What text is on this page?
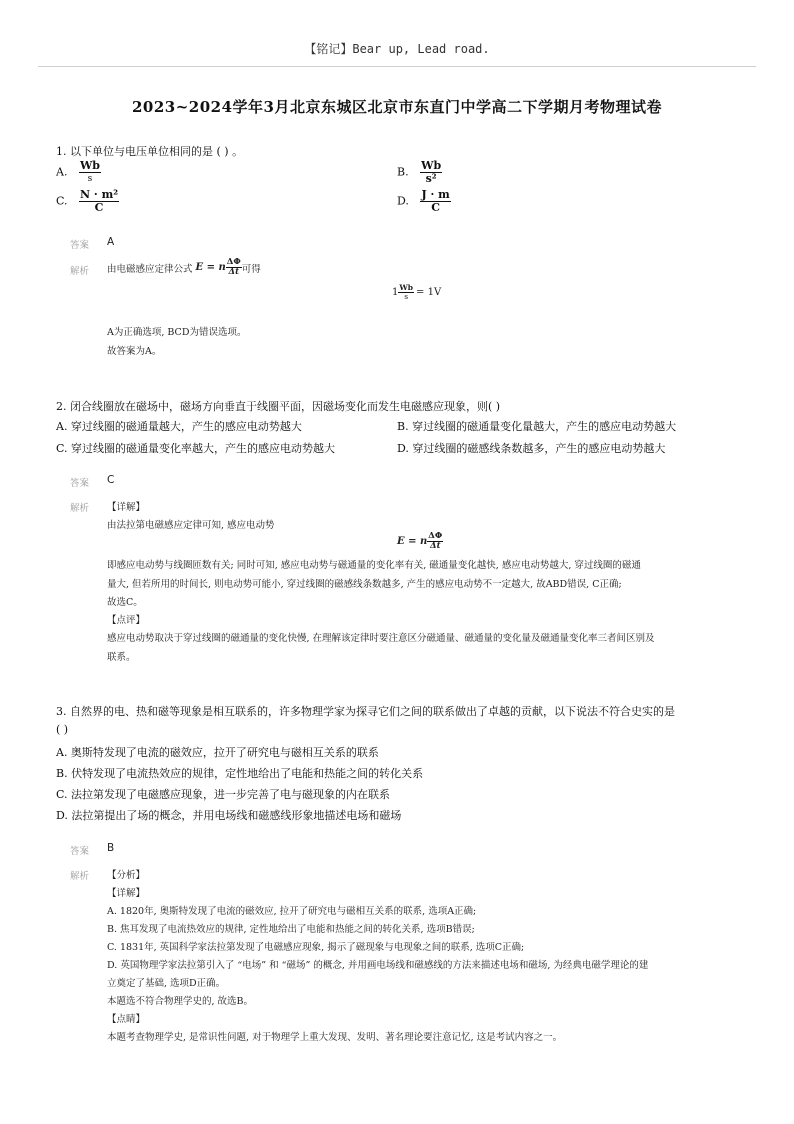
【铭记】Bear up, Lead road.
2023~2024学年3月北京东城区北京市东直门中学高二下学期月考物理试卷
1. 以下单位与电压单位相同的是 ( ) 。
A. $\frac{Wb}{s}$	B. $\frac{Wb}{\text{s²}}$
C. $\frac{\text{N · m²}}{C}$	D. $\frac{J \cdot m}{C}$
答案 A
解析 由电磁感应定律公式 E = n $\frac{\Delta\Phi}{\Delta t}$ 可得
$1 \frac{Wb}{s} = 1V$
A为正确选项, BCD为错误选项。
故答案为A。
2. 闭合线圈放在磁场中，磁场方向垂直于线圈平面，因磁场变化而发生电磁感应现象，则( )
A. 穿过线圈的磁通量越大，产生的感应电动势越大	B. 穿过线圈的磁通量变化量越大，产生的感应电动势越大
C. 穿过线圈的磁通量变化率越大，产生的感应电动势越大	D. 穿过线圈的磁感线条数越多，产生的感应电动势越大
答案 C
解析 【详解】
由法拉第电磁感应定律可知, 感应电动势
E = n $\frac{\Delta\Phi}{\Delta t}$
即感应电动势与线圈匝数有关; 同时可知, 感应电动势与磁通量的变化率有关, 磁通量变化越快, 感应电动势越大, 穿过线圈的磁通
量大, 但若所用的时间长, 则电动势可能小, 穿过线圈的磁感线条数越多, 产生的感应电动势不一定越大, 故ABD错误, C正确;
故选C。
【点评】
感应电动势取决于穿过线圈的磁通量的变化快慢, 在理解该定律时要注意区分磁通量、磁通量的变化量及磁通量变化率三者间区别及
联系。
3. 自然界的电、热和磁等现象是相互联系的，许多物理学家为探寻它们之间的联系做出了卓越的贡献，以下说法不符合史实的是
( )
A. 奥斯特发现了电流的磁效应，拉开了研究电与磁相互关系的联系
B. 伏特发现了电流热效应的规律，定性地给出了电能和热能之间的转化关系
C. 法拉第发现了电磁感应现象，进一步完善了电与磁现象的内在联系
D. 法拉第提出了场的概念，并用电场线和磁感线形象地描述电场和磁场
答案 B
解析 【分析】
【详解】
A. 1820年, 奥斯特发现了电流的磁效应, 拉开了研究电与磁相互关系的联系, 选项A正确;
B. 焦耳发现了电流热效应的规律, 定性地给出了电能和热能之间的转化关系, 选项B错误;
C. 1831年, 英国科学家法拉第发现了电磁感应现象, 揭示了磁现象与电现象之间的联系, 选项C正确;
D. 英国物理学家法拉第引入了 “电场” 和 “磁场” 的概念, 并用画电场线和磁感线的方法来描述电场和磁场, 为经典电磁学理论的建
立奠定了基础, 选项D正确。
本题选不符合物理学史的, 故选B。
【点睛】
本题考查物理学史, 是常识性问题, 对于物理学上重大发现、发明、著名理论要注意记忆, 这是考试内容之一。
